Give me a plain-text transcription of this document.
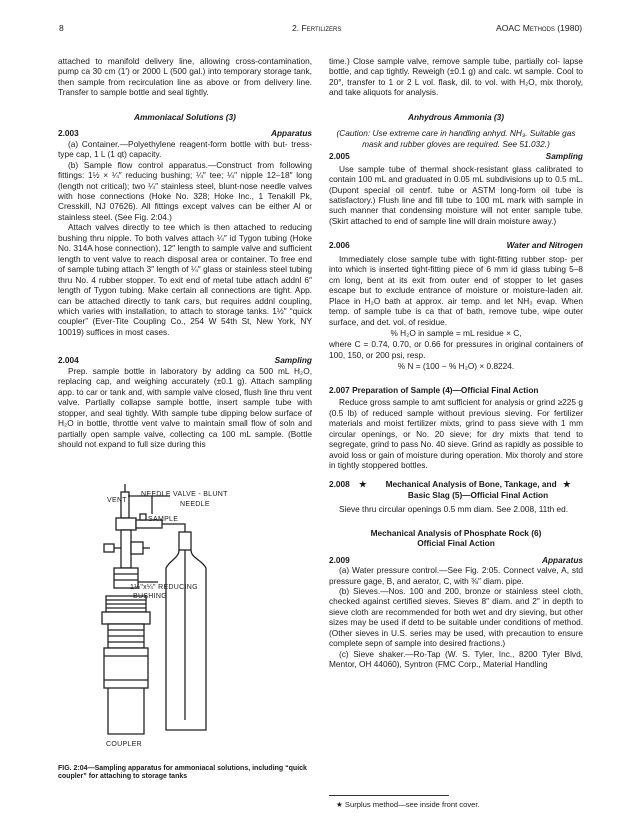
8	2. Fertilizers	AOAC Methods (1980)

attached to manifold delivery line, allowing cross-contamination, pump ca 30 cm (1′) or 2000 L (500 gal.) into temporary storage tank, then sample from recirculation line as above or from delivery line. Transfer to sample bottle and seal tightly.

Ammoniacal Solutions (3)
2.003	Apparatus

(a) Container.—Polyethylene reagent-form bottle with but- tress-type cap, 1 L (1 qt) capacity.

(b) Sample flow control apparatus.—Construct from following fittings: 1½ × ¼″ reducing bushing; ¼″ tee; ¼″ nipple 12–18″ long (length not critical); two ¼″ stainless steel, blunt-nose needle valves with hose connections (Hoke No. 328; Hoke Inc., 1 Tenakill Pk, Cresskill, NJ 07626). All fittings except valves can be either Al or stainless steel. (See Fig. 2:04.)

Attach valves directly to tee which is then attached to reducing bushing thru nipple. To both valves attach ¼″ id Tygon tubing (Hoke No. 314A hose connection), 12″ length to sample valve and sufficient length to vent valve to reach disposal area or container. To free end of sample tubing attach 3″ length of ¼″ glass or stainless steel tubing thru No. 4 rubber stopper. To exit end of metal tube attach addnl 6″ length of Tygon tubing. Make certain all connections are tight. App. can be attached directly to tank cars, but requires addnl coupling, which varies with installation, to attach to storage tanks. 1½″ “quick coupler” (Ever-Tite Coupling Co., 254 W 54th St, New York, NY 10019) suffices in most cases.

2.004	Sampling

Prep. sample bottle in laboratory by adding ca 500 mL H₂O, replacing cap, and weighing accurately (±0.1 g). Attach sampling app. to car or tank and, with sample valve closed, flush line thru vent valve. Partially collapse sample bottle, insert sample tube with stopper, and seal tightly. With sample tube dipping below surface of H₂O in bottle, throttle vent valve to maintain small flow of soln and partially open sample valve, collecting ca 100 mL sample. (Bottle should not expand to full size during this

NEEDLE VALVE - BLUNT
NEEDLE
VENT
SAMPLE
1½"x¼" REDUCING
BUSHING
COUPLER
FIG. 2:04—Sampling apparatus for ammoniacal solutions, including “quick coupler” for attaching to storage tanks

time.) Close sample valve, remove sample tube, partially col- lapse bottle, and cap tightly. Reweigh (±0.1 g) and calc. wt sample. Cool to 20°, transfer to 1 or 2 L vol. flask, dil. to vol. with H₂O, mix thoroly, and take aliquots for analysis.

Anhydrous Ammonia (3)

(Caution: Use extreme care in handling anhyd. NH₃. Suitable gas mask and rubber gloves are required. See 51.032.)

2.005	Sampling

Use sample tube of thermal shock-resistant glass calibrated to contain 100 mL and graduated in 0.05 mL subdivisions up to 0.5 mL. (Dupont special oil centrf. tube or ASTM long-form oil tube is satisfactory.) Flush line and fill tube to 100 mL mark with sample in such manner that condensing moisture will not enter sample tube. (Skirt attached to end of sample line will drain moisture away.)

2.006	Water and Nitrogen

Immediately close sample tube with tight-fitting rubber stop- per into which is inserted tight-fitting piece of 6 mm id glass tubing 5–8 cm long, bent at its exit from outer end of stopper to let gases escape but to exclude entrance of moisture or moisture-laden air. Place in H₂O bath at approx. air temp. and let NH₃ evap. When temp. of sample tube is ca that of bath, remove tube, wipe outer surface, and det. vol. of residue.

% H₂O in sample = mL residue × C,

where C = 0.74, 0.70, or 0.66 for pressures in original containers of 100, 150, or 200 psi, resp.

% N = (100 − % H₂O) × 0.8224.
2.007 Preparation of Sample (4)—Official Final Action

Reduce gross sample to amt sufficient for analysis or grind ≥225 g (0.5 lb) of reduced sample without previous sieving. For fertilizer materials and moist fertilizer mixts, grind to pass sieve with 1 mm circular openings, or No. 20 sieve; for dry mixts that tend to segregate, grind to pass No. 40 sieve. Grind as rapidly as possible to avoid loss or gain of moisture during operation. Mix thoroly and store in tightly stoppered bottles.

2.008	★	Mechanical Analysis of Bone, Tankage, and ★
Basic Slag (5)—Official Final Action

Sieve thru circular openings 0.5 mm diam. See 2.008, 11th ed.

Mechanical Analysis of Phosphate Rock (6)
Official Final Action
2.009	Apparatus

(a) Water pressure control.—See Fig. 2:05. Connect valve, A, std pressure gage, B, and aerator, C, with ⅜″ diam. pipe.

(b) Sieves.—Nos. 100 and 200, bronze or stainless steel cloth, checked against certified sieves. Sieves 8″ diam. and 2″ in depth to sieve cloth are recommended for both wet and dry sieving, but other sizes may be used if detd to be suitable under conditions of method. (Other sieves in U.S. series may be used, with precaution to ensure complete sepn of sample into desired fractions.)

(c) Sieve shaker.—Ro-Tap (W. S. Tyler, Inc., 8200 Tyler Blvd, Mentor, OH 44060), Syntron (FMC Corp., Material Handling

★ Surplus method—see inside front cover.
